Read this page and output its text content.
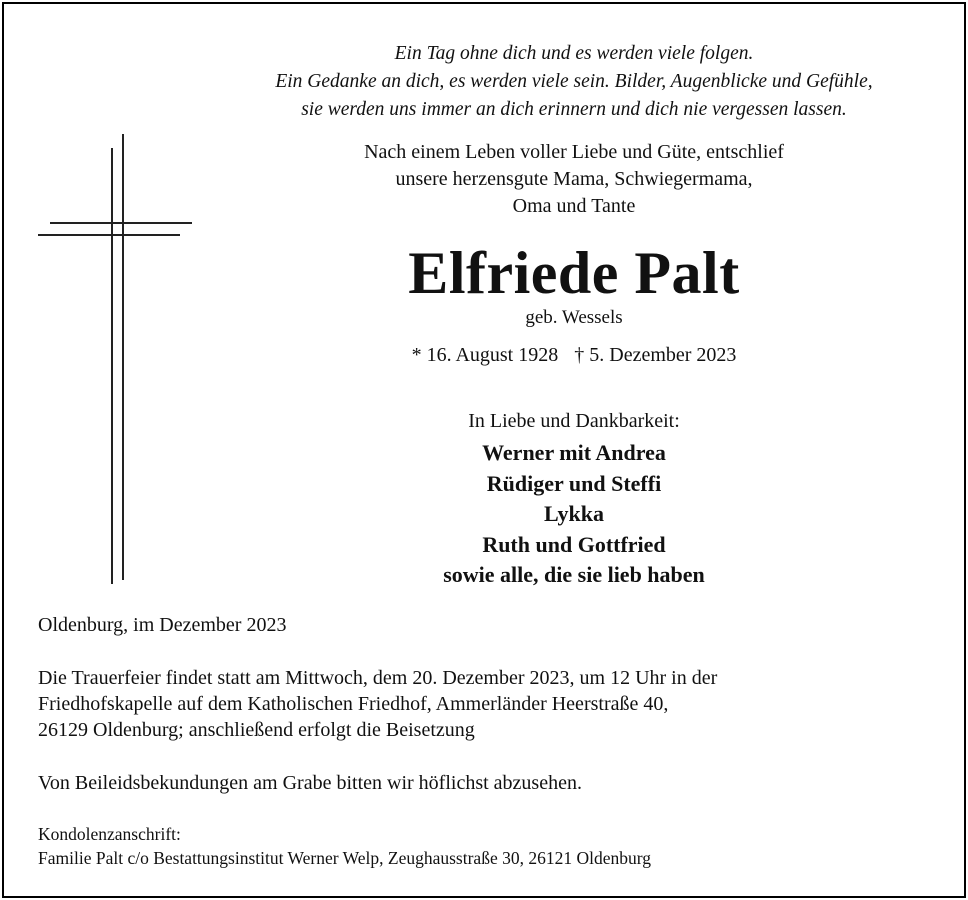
Ein Tag ohne dich und es werden viele folgen.
Ein Gedanke an dich, es werden viele sein. Bilder, Augenblicke und Gefühle,
sie werden uns immer an dich erinnern und dich nie vergessen lassen.
Nach einem Leben voller Liebe und Güte, entschlief
unsere herzensgute Mama, Schwiegermama,
Oma und Tante
Elfriede Palt
geb. Wessels
* 16. August 1928 † 5. Dezember 2023
In Liebe und Dankbarkeit:
Werner mit Andrea
Rüdiger und Steffi
Lykka
Ruth und Gottfried
sowie alle, die sie lieb haben
Oldenburg, im Dezember 2023
Die Trauerfeier findet statt am Mittwoch, dem 20. Dezember 2023, um 12 Uhr in der
Friedhofskapelle auf dem Katholischen Friedhof, Ammerländer Heerstraße 40,
26129 Oldenburg; anschließend erfolgt die Beisetzung
Von Beileidsbekundungen am Grabe bitten wir höflichst abzusehen.
Kondolenzanschrift:
Familie Palt c/o Bestattungsinstitut Werner Welp, Zeughausstraße 30, 26121 Oldenburg
